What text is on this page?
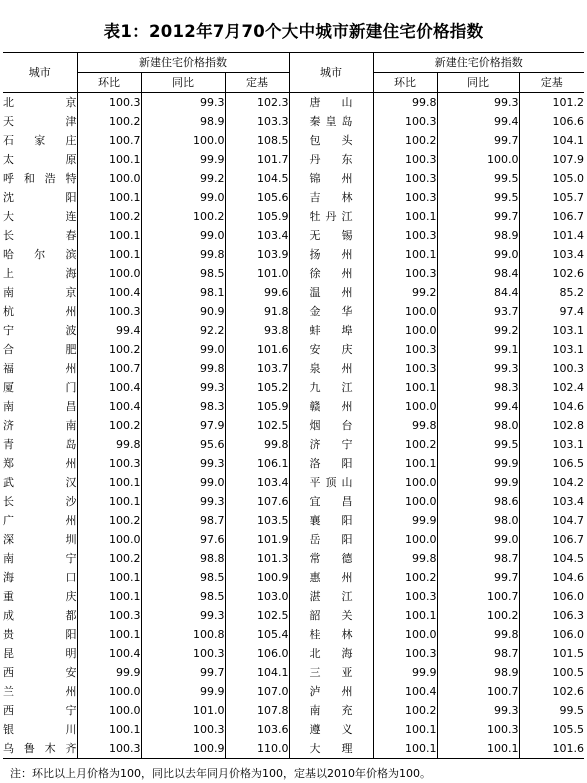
表1：2012年7月70个大中城市新建住宅价格指数
城市	新建住宅价格指数			城市	新建住宅价格指数		
	环比	同比	定基		环比	同比	定基
北京	100.3	99.3	102.3	唐山	99.8	99.3	101.2
天津	100.2	98.9	103.3	秦皇岛	100.3	99.4	106.6
石家庄	100.7	100.0	108.5	包头	100.2	99.7	104.1
太原	100.1	99.9	101.7	丹东	100.3	100.0	107.9
呼和浩特	100.0	99.2	104.5	锦州	100.3	99.5	105.0
沈阳	100.1	99.0	105.6	吉林	100.3	99.5	105.7
大连	100.2	100.2	105.9	牡丹江	100.1	99.7	106.7
长春	100.1	99.0	103.4	无锡	100.3	98.9	101.4
哈尔滨	100.1	99.8	103.9	扬州	100.1	99.0	103.4
上海	100.0	98.5	101.0	徐州	100.3	98.4	102.6
南京	100.4	98.1	99.6	温州	99.2	84.4	85.2
杭州	100.3	90.9	91.8	金华	100.0	93.7	97.4
宁波	99.4	92.2	93.8	蚌埠	100.0	99.2	103.1
合肥	100.2	99.0	101.6	安庆	100.3	99.1	103.1
福州	100.7	99.8	103.7	泉州	100.3	99.3	100.3
厦门	100.4	99.3	105.2	九江	100.1	98.3	102.4
南昌	100.4	98.3	105.9	赣州	100.0	99.4	104.6
济南	100.2	97.9	102.5	烟台	99.8	98.0	102.8
青岛	99.8	95.6	99.8	济宁	100.2	99.5	103.1
郑州	100.3	99.3	106.1	洛阳	100.1	99.9	106.5
武汉	100.1	99.0	103.4	平顶山	100.0	99.9	104.2
长沙	100.1	99.3	107.6	宜昌	100.0	98.6	103.4
广州	100.2	98.7	103.5	襄阳	99.9	98.0	104.7
深圳	100.0	97.6	101.9	岳阳	100.0	99.0	106.7
南宁	100.2	98.8	101.3	常德	99.8	98.7	104.5
海口	100.1	98.5	100.9	惠州	100.2	99.7	104.6
重庆	100.1	98.5	103.0	湛江	100.3	100.7	106.0
成都	100.3	99.3	102.5	韶关	100.1	100.2	106.3
贵阳	100.1	100.8	105.4	桂林	100.0	99.8	106.0
昆明	100.4	100.3	106.0	北海	100.3	98.7	101.5
西安	99.9	99.7	104.1	三亚	99.9	98.9	100.5
兰州	100.0	99.9	107.0	泸州	100.4	100.7	102.6
西宁	100.0	101.0	107.8	南充	100.2	99.3	99.5
银川	100.1	100.3	103.6	遵义	100.1	100.3	105.5
乌鲁木齐	100.3	100.9	110.0	大理	100.1	100.1	101.6
注：环比以上月价格为100，同比以去年同月价格为100，定基以2010年价格为100。
